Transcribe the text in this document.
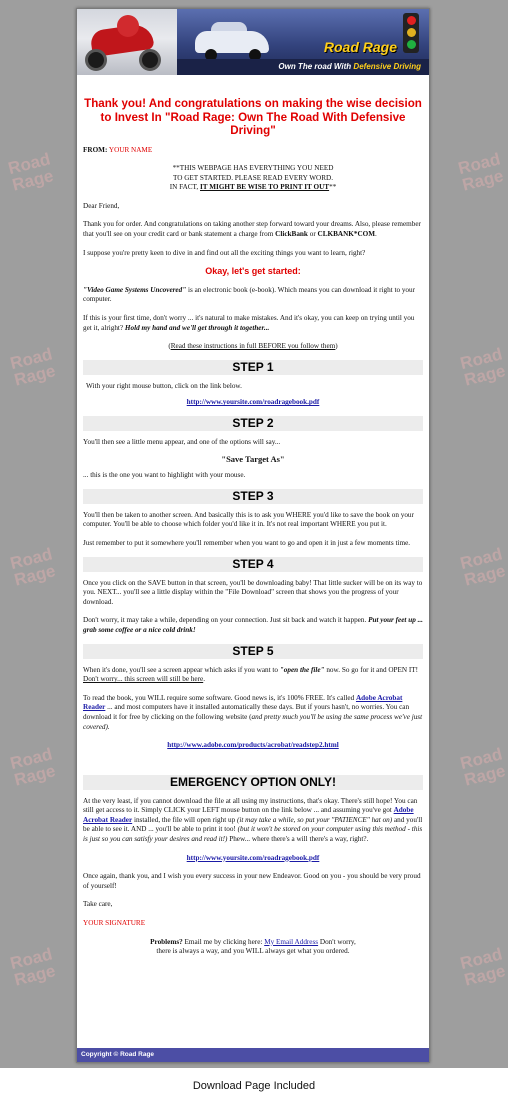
Road
Rage
Road
Rage
Road
Rage
Road
Rage
Road
Rage
Road
Rage
Road
Rage
Road
Rage
Road
Rage
Road
Rage
Road Rage
Own The road With Defensive Driving
Thank you! And congratulations on making the wise decision to Invest In "Road Rage: Own The Road With Defensive Driving"

FROM: YOUR NAME

**THIS WEBPAGE HAS EVERYTHING YOU NEED
TO GET STARTED. PLEASE READ EVERY WORD.
IN FACT, IT MIGHT BE WISE TO PRINT IT OUT**

Dear Friend,

Thank you for order. And congratulations on taking another step forward toward your dreams. Also, please remember that you'll see on your credit card or bank statement a charge from ClickBank or CLKBANK*COM.

I suppose you're pretty keen to dive in and find out all the exciting things you want to learn, right?

Okay, let's get started:

"Video Game Systems Uncovered" is an electronic book (e-book). Which means you can download it right to your computer.

If this is your first time, don't worry ... it's natural to make mistakes. And it's okay, you can keep on trying until you get it, alright? Hold my hand and we'll get through it together...

(Read these instructions in full BEFORE you follow them)

STEP 1

With your right mouse button, click on the link below.

http://www.yoursite.com/roadragebook.pdf

STEP 2

You'll then see a little menu appear, and one of the options will say...

"Save Target As"

... this is the one you want to highlight with your mouse.

STEP 3

You'll then be taken to another screen. And basically this is to ask you WHERE you'd like to save the book on your computer. You'll be able to choose which folder you'd like it in. It's not real important WHERE you put it.

Just remember to put it somewhere you'll remember when you want to go and open it in just a few moments time.

STEP 4

Once you click on the SAVE button in that screen, you'll be downloading baby! That little sucker will be on its way to you. NEXT... you'll see a little display within the "File Download" screen that shows you the progress of your download.

Don't worry, it may take a while, depending on your connection. Just sit back and watch it happen. Put your feet up ... grab some coffee or a nice cold drink!

STEP 5

When it's done, you'll see a screen appear which asks if you want to "open the file" now. So go for it and OPEN IT! Don't worry... this screen will still be here.

To read the book, you WILL require some software. Good news is, it's 100% FREE. It's called Adobe Acrobat Reader ... and most computers have it installed automatically these days. But if yours hasn't, no worries. You can download it for free by clicking on the following website (and pretty much you'll be using the same process we've just covered).

http://www.adobe.com/products/acrobat/readstep2.html

EMERGENCY OPTION ONLY!

At the very least, if you cannot download the file at all using my instructions, that's okay. There's still hope! You can still get access to it. Simply CLICK your LEFT mouse button on the link below ... and assuming you've got Adobe Acrobat Reader installed, the file will open right up (it may take a while, so put your "PATIENCE" hat on) and you'll be able to see it. AND ... you'll be able to print it too! (but it won't be stored on your computer using this method - this is just so you can satisfy your desires and read it!) Phew... where there's a will there's a way, right?.

http://www.yoursite.com/roadragebook.pdf

Once again, thank you, and I wish you every success in your new Endeavor. Good on you - you should be very proud of yourself!

Take care,

YOUR SIGNATURE

Problems? Email me by clicking here: My Email Address Don't worry,
there is always a way, and you WILL always get what you ordered.

Copyright © Road Rage
Download Page Included
